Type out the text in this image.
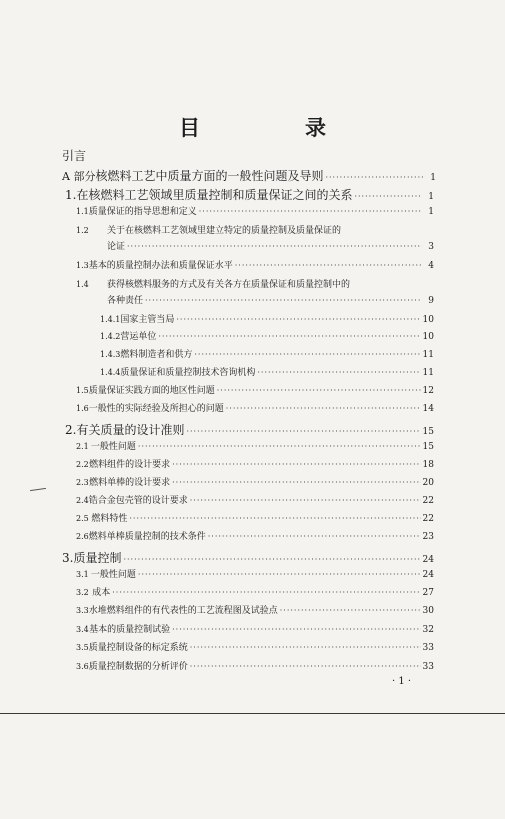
目　录
引言
A 部分 核燃料工艺中质量方面的一般性问题及导则 ·····	1
1. 在核燃料工艺领域里质量控制和质量保证之间的关系 ·····	1
1.1 质量保证的指导思想和定义 ·····	1
1.2	关于在核燃料工艺领域里建立特定的质量控制及质量保证的
论证 ·····	3
1.3 基本的质量控制办法和质量保证水平 ·····	4
1.4	获得核燃料服务的方式及有关各方在质量保证和质量控制中的
各种责任 ·····	9
1.4.1 国家主管当局 ·····	10
1.4.2 营运单位 ·····	10
1.4.3 燃料制造者和供方 ·····	11
1.4.4 质量保证和质量控制技术咨询机构 ·····	11
1.5 质量保证实践方面的地区性问题 ·····	12
1.6 一般性的实际经验及所担心的问题 ·····	14
2. 有关质量的设计准则 ·····	15
2.1 一般性问题 ·····	15
2.2 燃料组件的设计要求 ·····	18
2.3 燃料单棒的设计要求 ·····	20
2.4 锆合金包壳管的设计要求 ·····	22
2.5 燃料特性 ·····	22
2.6 燃料单棒质量控制的技术条件 ·····	23
3. 质量控制 ·····	24
3.1 一般性问题 ·····	24
3.2 成本 ·····	27
3.3 水堆燃料组件的有代表性的工艺流程图及试验点 ·····	30
3.4 基本的质量控制试验 ·····	32
3.5 质量控制设备的标定系统 ·····	33
3.6 质量控制数据的分析评价 ·····	33
· 1 ·
